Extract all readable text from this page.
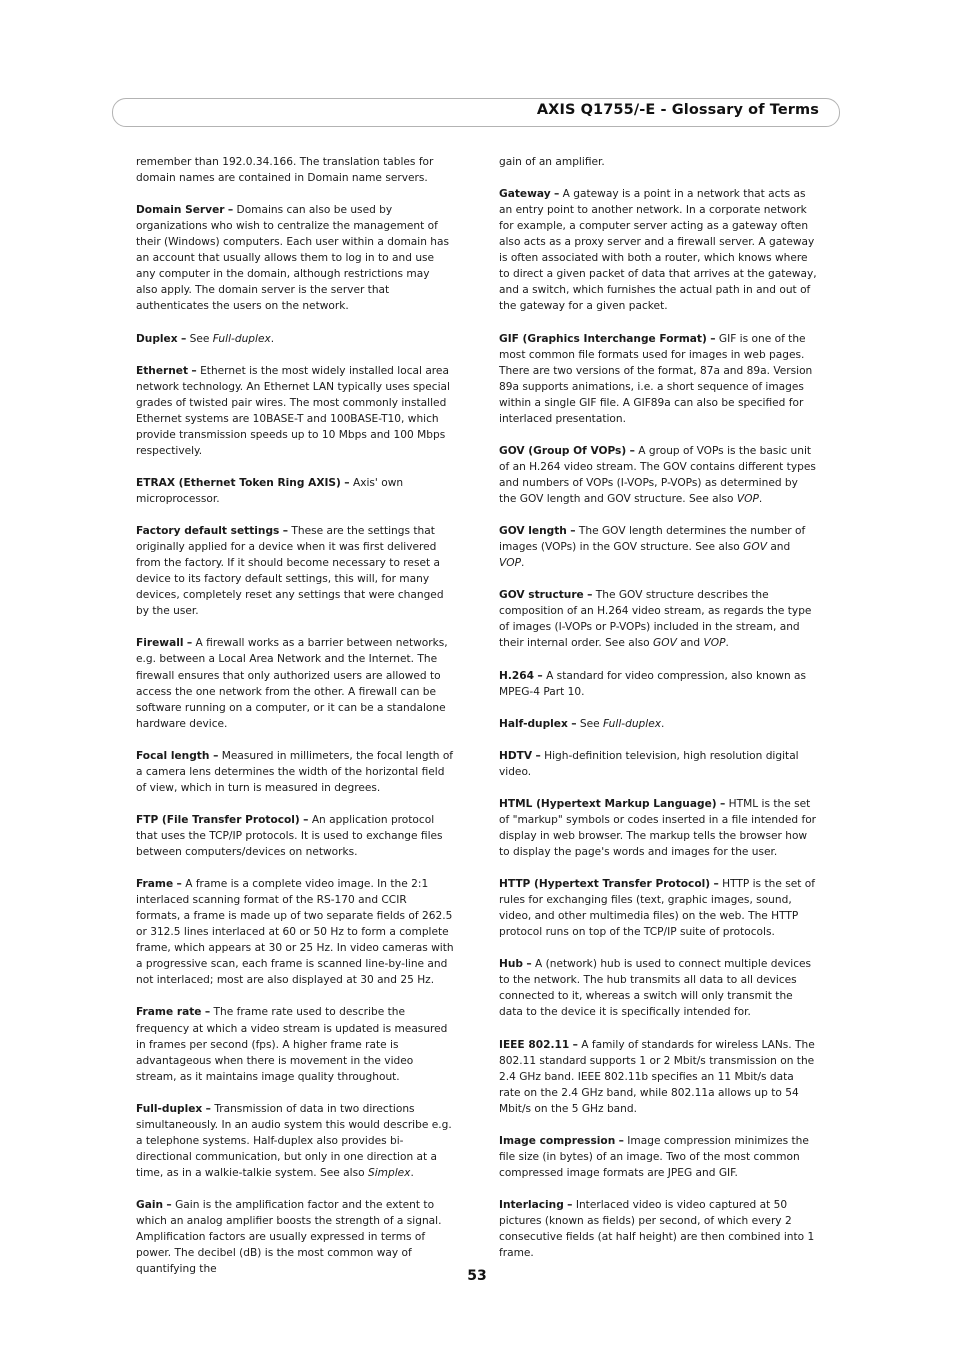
AXIS Q1755/-E - Glossary of Terms

remember than 192.0.34.166. The translation tables for domain names are contained in Domain name servers.

Domain Server – Domains can also be used by organizations who wish to centralize the management of their (Windows) computers. Each user within a domain has an account that usually allows them to log in to and use any computer in the domain, although restrictions may also apply. The domain server is the server that authenticates the users on the network.

Duplex – See Full-duplex.

Ethernet – Ethernet is the most widely installed local area network technology. An Ethernet LAN typically uses special grades of twisted pair wires. The most commonly installed Ethernet systems are 10BASE-T and 100BASE-T10, which provide transmission speeds up to 10 Mbps and 100 Mbps respectively.

ETRAX (Ethernet Token Ring AXIS) – Axis' own microprocessor.

Factory default settings – These are the settings that originally applied for a device when it was first delivered from the factory. If it should become necessary to reset a device to its factory default settings, this will, for many devices, completely reset any settings that were changed by the user.

Firewall – A firewall works as a barrier between networks, e.g. between a Local Area Network and the Internet. The firewall ensures that only authorized users are allowed to access the one network from the other. A firewall can be software running on a computer, or it can be a standalone hardware device.

Focal length – Measured in millimeters, the focal length of a camera lens determines the width of the horizontal field of view, which in turn is measured in degrees.

FTP (File Transfer Protocol) – An application protocol that uses the TCP/IP protocols. It is used to exchange files between computers/devices on networks.

Frame – A frame is a complete video image. In the 2:1 interlaced scanning format of the RS-170 and CCIR formats, a frame is made up of two separate fields of 262.5 or 312.5 lines interlaced at 60 or 50 Hz to form a complete frame, which appears at 30 or 25 Hz. In video cameras with a progressive scan, each frame is scanned line-by-line and not interlaced; most are also displayed at 30 and 25 Hz.

Frame rate – The frame rate used to describe the frequency at which a video stream is updated is measured in frames per second (fps). A higher frame rate is advantageous when there is movement in the video stream, as it maintains image quality throughout.

Full-duplex – Transmission of data in two directions simultaneously. In an audio system this would describe e.g. a telephone systems. Half-duplex also provides bi-directional communication, but only in one direction at a time, as in a walkie-talkie system. See also Simplex.

Gain – Gain is the amplification factor and the extent to which an analog amplifier boosts the strength of a signal. Amplification factors are usually expressed in terms of power. The decibel (dB) is the most common way of quantifying the

gain of an amplifier.

Gateway – A gateway is a point in a network that acts as an entry point to another network. In a corporate network for example, a computer server acting as a gateway often also acts as a proxy server and a firewall server. A gateway is often associated with both a router, which knows where to direct a given packet of data that arrives at the gateway, and a switch, which furnishes the actual path in and out of the gateway for a given packet.

GIF (Graphics Interchange Format) – GIF is one of the most common file formats used for images in web pages. There are two versions of the format, 87a and 89a. Version 89a supports animations, i.e. a short sequence of images within a single GIF file. A GIF89a can also be specified for interlaced presentation.

GOV (Group Of VOPs) – A group of VOPs is the basic unit of an H.264 video stream. The GOV contains different types and numbers of VOPs (I-VOPs, P-VOPs) as determined by the GOV length and GOV structure. See also VOP.

GOV length – The GOV length determines the number of images (VOPs) in the GOV structure. See also GOV and VOP.

GOV structure – The GOV structure describes the composition of an H.264 video stream, as regards the type of images (I-VOPs or P-VOPs) included in the stream, and their internal order. See also GOV and VOP.

H.264 – A standard for video compression, also known as MPEG-4 Part 10.

Half-duplex – See Full-duplex.

HDTV – High-definition television, high resolution digital video.

HTML (Hypertext Markup Language) – HTML is the set of "markup" symbols or codes inserted in a file intended for display in web browser. The markup tells the browser how to display the page's words and images for the user.

HTTP (Hypertext Transfer Protocol) – HTTP is the set of rules for exchanging files (text, graphic images, sound, video, and other multimedia files) on the web. The HTTP protocol runs on top of the TCP/IP suite of protocols.

Hub – A (network) hub is used to connect multiple devices to the network. The hub transmits all data to all devices connected to it, whereas a switch will only transmit the data to the device it is specifically intended for.

IEEE 802.11 – A family of standards for wireless LANs. The 802.11 standard supports 1 or 2 Mbit/s transmission on the 2.4 GHz band. IEEE 802.11b specifies an 11 Mbit/s data rate on the 2.4 GHz band, while 802.11a allows up to 54 Mbit/s on the 5 GHz band.

Image compression – Image compression minimizes the file size (in bytes) of an image. Two of the most common compressed image formats are JPEG and GIF.

Interlacing – Interlaced video is video captured at 50 pictures (known as fields) per second, of which every 2 consecutive fields (at half height) are then combined into 1 frame.

53
